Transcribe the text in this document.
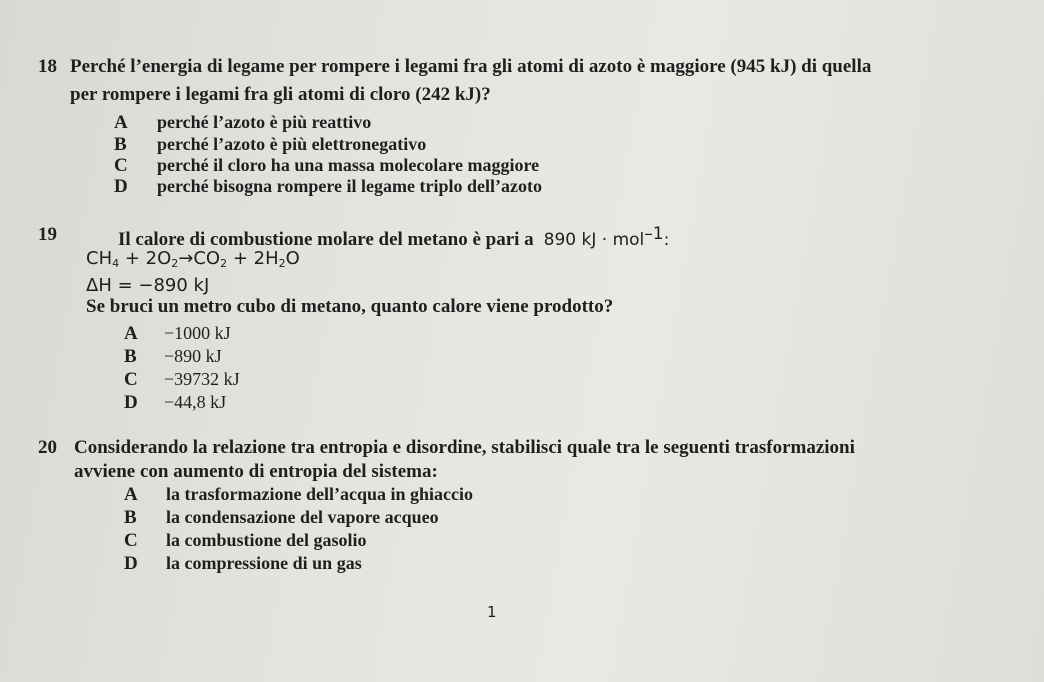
18 Perché l’energia di legame per rompere i legami fra gli atomi di azoto è maggiore (945 kJ) di quella
per rompere i legami fra gli atomi di cloro (242 kJ)?
A perché l’azoto è più reattivo
B perché l’azoto è più elettronegativo
C perché il cloro ha una massa molecolare maggiore
D perché bisogna rompere il legame triplo dell’azoto
19	Il calore di combustione molare del metano è pari a 890 kJ · mol–1:
$CH_4 + 2O_2\to CO_2 + 2H_2O$
ΔH = −890 kJ
Se bruci un metro cubo di metano, quanto calore viene prodotto?
A −1000 kJ
B −890 kJ
C −39732 kJ
D −44,8 kJ
20 Considerando la relazione tra entropia e disordine, stabilisci quale tra le seguenti trasformazioni
avviene con aumento di entropia del sistema:
A la trasformazione dell’acqua in ghiaccio
B la condensazione del vapore acqueo
C la combustione del gasolio
D la compressione di un gas
1
